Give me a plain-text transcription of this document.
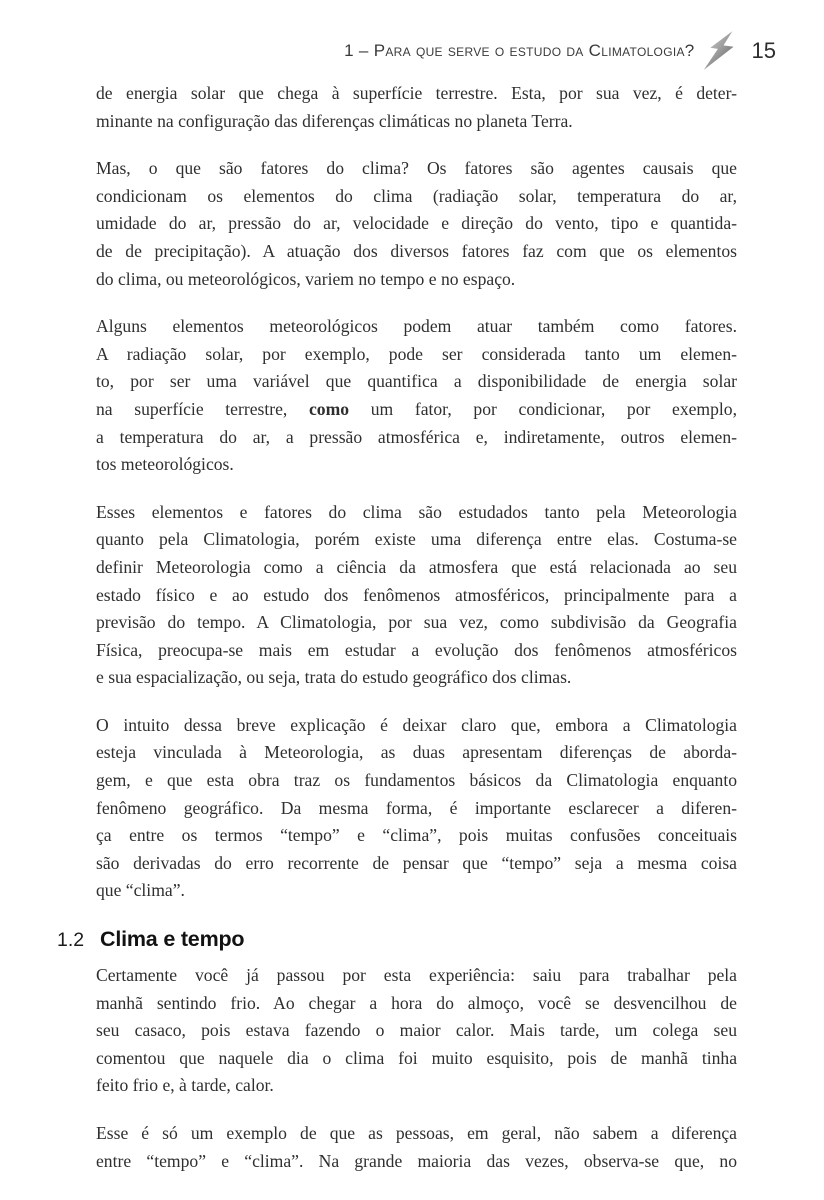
1 – Para que serve o estudo da Climatologia?	15
de energia solar que chega à superfície terrestre. Esta, por sua vez, é deter-
minante na configuração das diferenças climáticas no planeta Terra.
Mas, o que são fatores do clima? Os fatores são agentes causais que
condicionam os elementos do clima (radiação solar, temperatura do ar,
umidade do ar, pressão do ar, velocidade e direção do vento, tipo e quantida-
de de precipitação). A atuação dos diversos fatores faz com que os elementos
do clima, ou meteorológicos, variem no tempo e no espaço.
Alguns elementos meteorológicos podem atuar também como fatores.
A radiação solar, por exemplo, pode ser considerada tanto um elemen-
to, por ser uma variável que quantifica a disponibilidade de energia solar
na superfície terrestre, como um fator, por condicionar, por exemplo,
a temperatura do ar, a pressão atmosférica e, indiretamente, outros elemen-
tos meteorológicos.
Esses elementos e fatores do clima são estudados tanto pela Meteorologia
quanto pela Climatologia, porém existe uma diferença entre elas. Costuma-se
definir Meteorologia como a ciência da atmosfera que está relacionada ao seu
estado físico e ao estudo dos fenômenos atmosféricos, principalmente para a
previsão do tempo. A Climatologia, por sua vez, como subdivisão da Geografia
Física, preocupa-se mais em estudar a evolução dos fenômenos atmosféricos
e sua espacialização, ou seja, trata do estudo geográfico dos climas.
O intuito dessa breve explicação é deixar claro que, embora a Climatologia
esteja vinculada à Meteorologia, as duas apresentam diferenças de aborda-
gem, e que esta obra traz os fundamentos básicos da Climatologia enquanto
fenômeno geográfico. Da mesma forma, é importante esclarecer a diferen-
ça entre os termos “tempo” e “clima”, pois muitas confusões conceituais
são derivadas do erro recorrente de pensar que “tempo” seja a mesma coisa
que “clima”.
1.2 Clima e tempo
Certamente você já passou por esta experiência: saiu para trabalhar pela
manhã sentindo frio. Ao chegar a hora do almoço, você se desvencilhou de
seu casaco, pois estava fazendo o maior calor. Mais tarde, um colega seu
comentou que naquele dia o clima foi muito esquisito, pois de manhã tinha
feito frio e, à tarde, calor.
Esse é só um exemplo de que as pessoas, em geral, não sabem a diferença
entre “tempo” e “clima”. Na grande maioria das vezes, observa-se que, no
